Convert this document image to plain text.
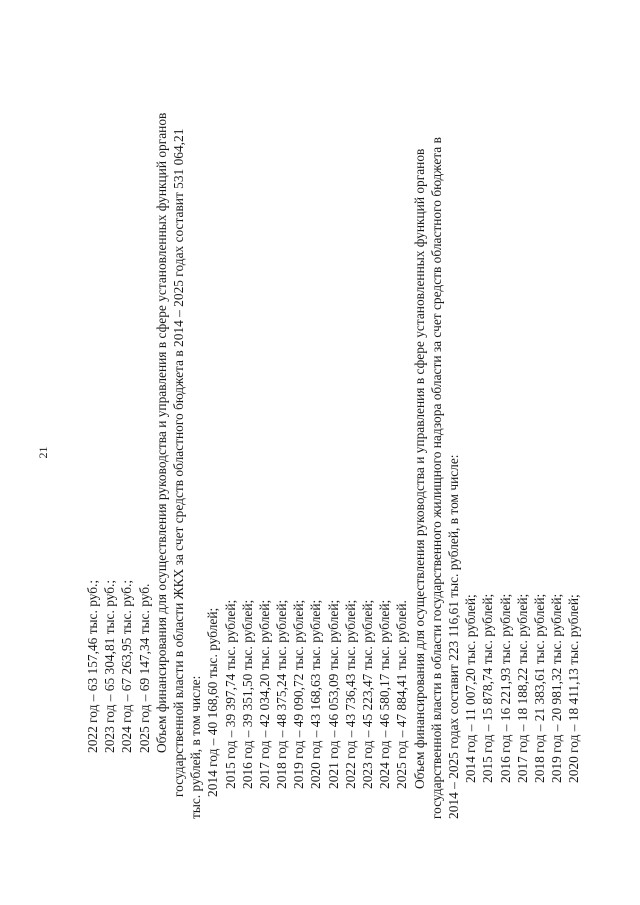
21
2022 год – 63 157,46 тыс. руб.; 2023 год – 65 304,81 тыс. руб.; 2024 год – 67 263,95 тыс. руб.; 2025 год – 69 147,34 тыс. руб. Объем финансирования для осуществления руководства и управления в сфере установленных функций органов государственной власти в области ЖКХ за счет средств областного бюджета в 2014 – 2025 годах составит 531 064,21 тыс. рублей, в том числе: 2014 год – 40 168,60 тыс. рублей; 2015 год – 39 397,74 тыс. рублей; 2016 год – 39 351,50 тыс. рублей; 2017 год – 42 034,20 тыс. рублей; 2018 год – 48 375,24 тыс. рублей; 2019 год – 49 090,72 тыс. рублей; 2020 год – 43 168,63 тыс. рублей; 2021 год – 46 053,09 тыс. рублей; 2022 год – 43 736,43 тыс. рублей; 2023 год – 45 223,47 тыс. рублей; 2024 год – 46 580,17 тыс. рублей; 2025 год – 47 884,41 тыс. рублей. Объем финансирования для осуществления руководства и управления в сфере установленных функций органов государственной власти в области государственного жилищного надзора области за счет средств областного бюджета в 2014 – 2025 годах составит 223 116,61 тыс. рублей, в том числе: 2014 год – 11 007,20 тыс. рублей; 2015 год – 15 878,74 тыс. рублей; 2016 год – 16 221,93 тыс. рублей; 2017 год – 18 188,22 тыс. рублей; 2018 год – 21 383,61 тыс. рублей; 2019 год – 20 981,32 тыс. рублей; 2020 год – 18 411,13 тыс. рублей;
